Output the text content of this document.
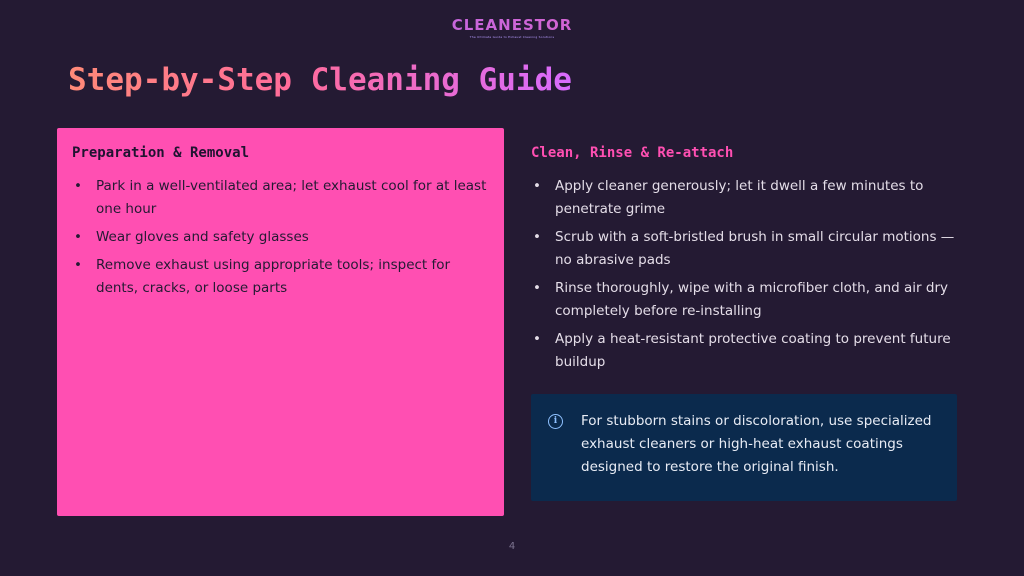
CLEANESTOR
The Ultimate Guide to Exhaust Cleaning Solutions
Step-by-Step Cleaning Guide
Preparation & Removal
• Park in a well-ventilated area; let exhaust cool for at least one hour
• Wear gloves and safety glasses
• Remove exhaust using appropriate tools; inspect for dents, cracks, or loose parts
Clean, Rinse & Re-attach
• Apply cleaner generously; let it dwell a few minutes to penetrate grime
• Scrub with a soft-bristled brush in small circular motions — no abrasive pads
• Rinse thoroughly, wipe with a microfiber cloth, and air dry completely before re-installing
• Apply a heat-resistant protective coating to prevent future buildup
i	For stubborn stains or discoloration, use specialized exhaust cleaners or high-heat exhaust coatings designed to restore the original finish.

4
